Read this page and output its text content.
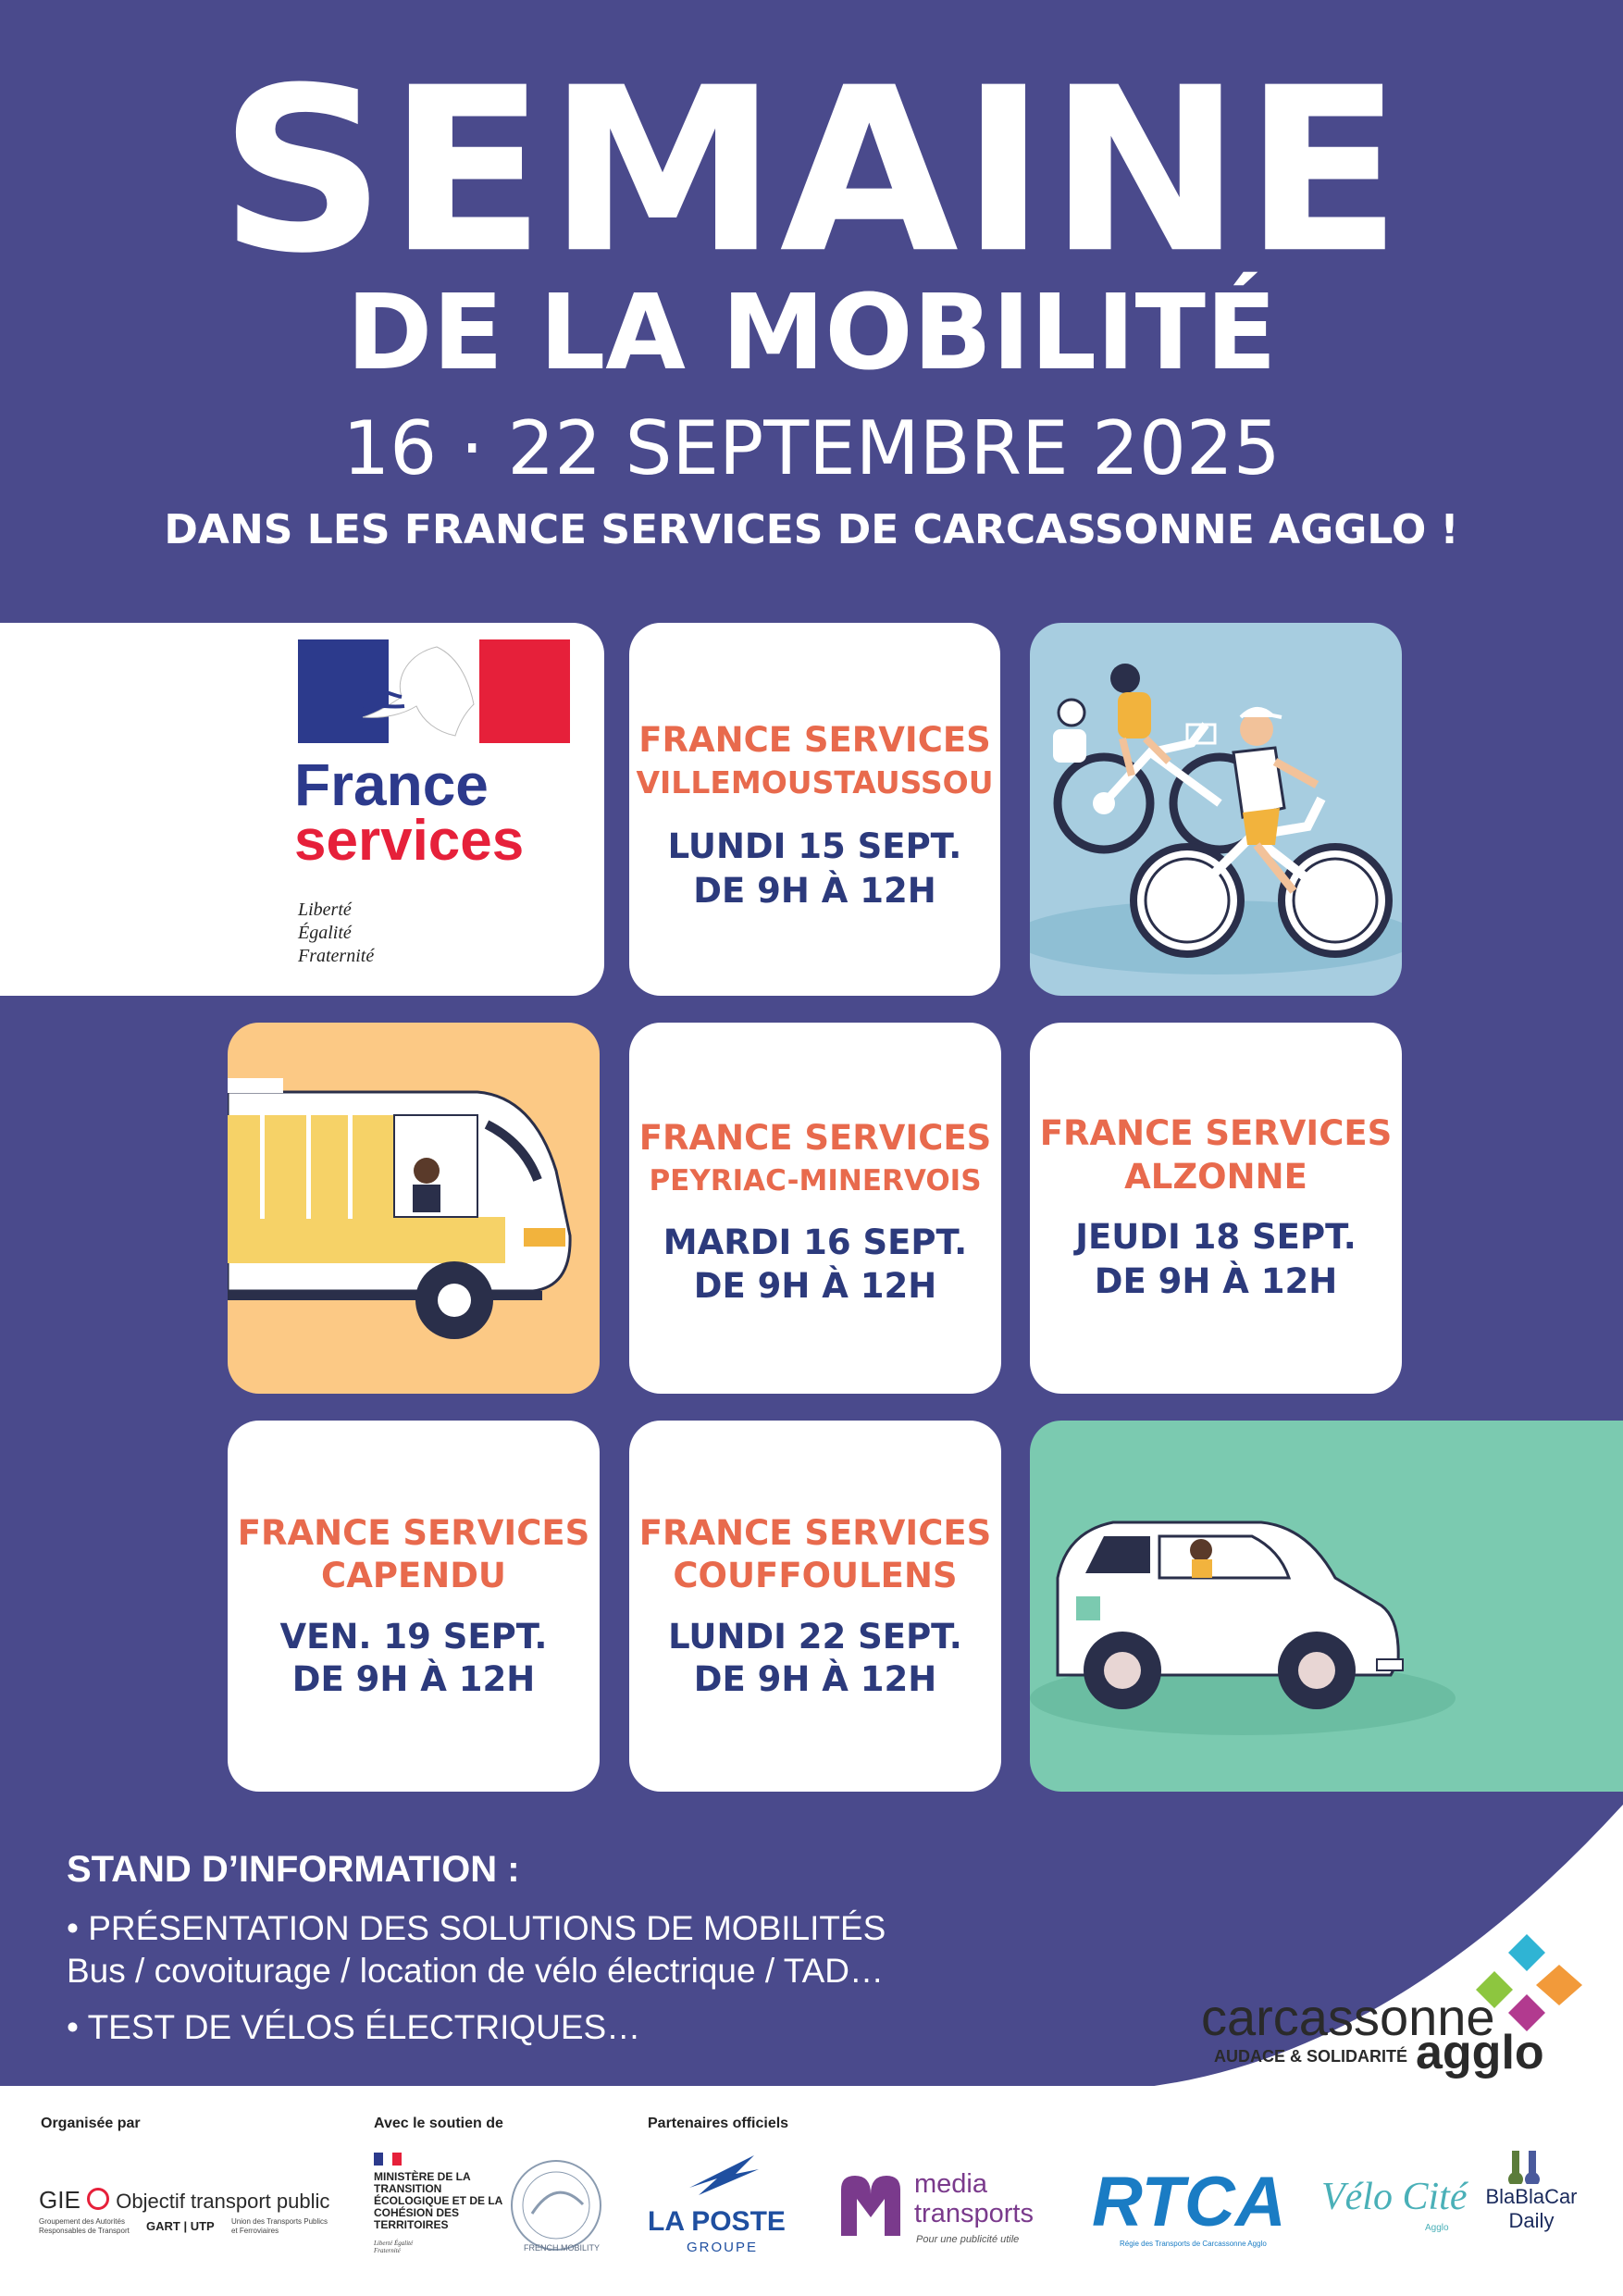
SEMAINE
DE LA MOBILITÉ
16 · 22 SEPTEMBRE 2025
DANS LES FRANCE SERVICES DE CARCASSONNE AGGLO !
France
services
Liberté
Égalité
Fraternité
FRANCE SERVICES
VILLEMOUSTAUSSOU
LUNDI 15 SEPT.
DE 9H À 12H
FRANCE SERVICES
PEYRIAC-MINERVOIS
MARDI 16 SEPT.
DE 9H À 12H
FRANCE SERVICES
ALZONNE
JEUDI 18 SEPT.
DE 9H À 12H
FRANCE SERVICES
CAPENDU
VEN. 19 SEPT.
DE 9H À 12H
FRANCE SERVICES
COUFFOULENS
LUNDI 22 SEPT.
DE 9H À 12H
STAND D’INFORMATION :
• PRÉSENTATION DES SOLUTIONS DE MOBILITÉS
Bus / covoiturage / location de vélo électrique / TAD…
• TEST DE VÉLOS ÉLECTRIQUES…	carcassonne
AUDACE & SOLIDARITÉ agglo
Organisée par	Avec le soutien de	Partenaires officiels
GIE Objectif transport public
Groupement des Autorités Responsables de Transport	GART | UTP Union des Transports Publics et Ferroviaires
MINISTÈRE DE LA TRANSITION ÉCOLOGIQUE ET DE LA COHÉSION DES TERRITOIRES
Liberté Égalité Fraternité	FRENCH MOBILITY
LA POSTE
GROUPE
media
transports
Pour une publicité utile RTCA
Régie des Transports de Carcassonne Agglo
Vélo Cité
Agglo
BlaBlaCar
Daily
